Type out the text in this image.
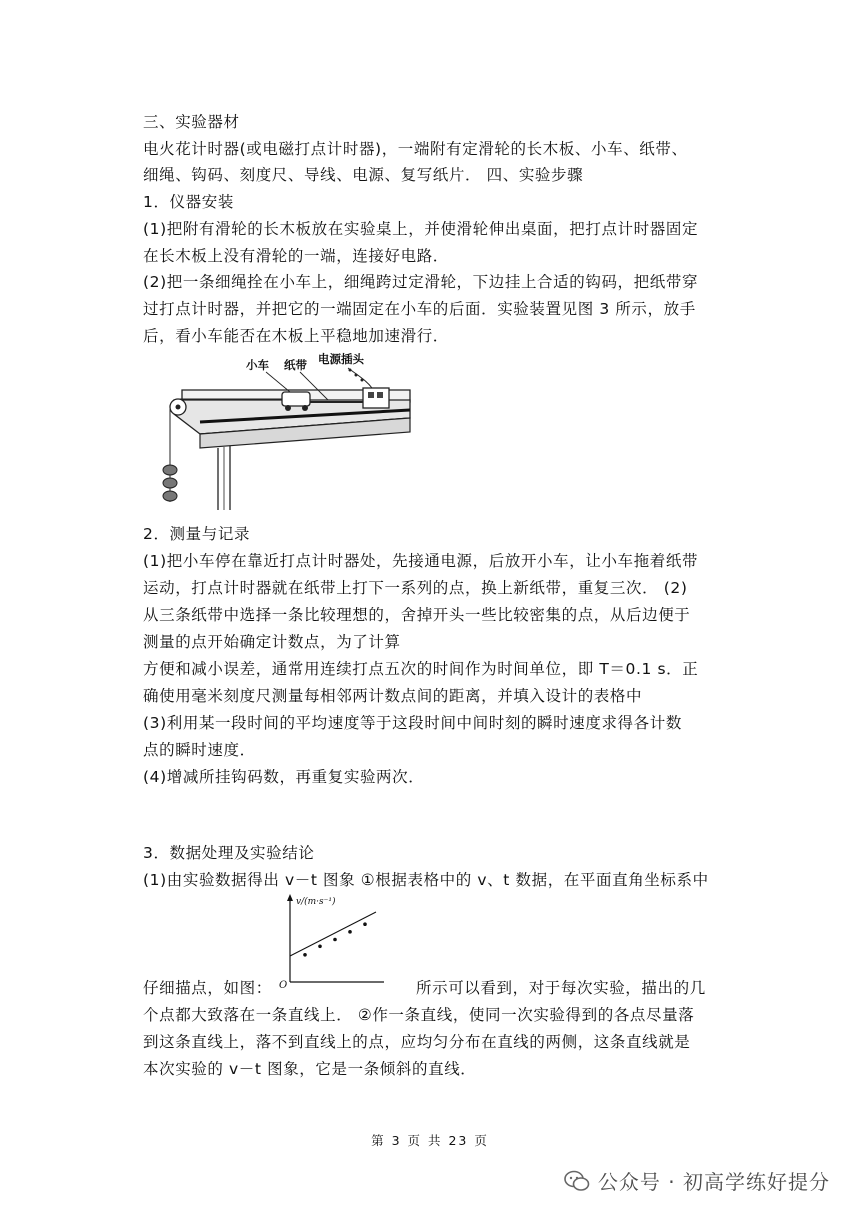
三、实验器材
电火花计时器(或电磁打点计时器)，一端附有定滑轮的长木板、小车、纸带、
细绳、钩码、刻度尺、导线、电源、复写纸片． 四、实验步骤
1．仪器安装
(1)把附有滑轮的长木板放在实验桌上，并使滑轮伸出桌面，把打点计时器固定
在长木板上没有滑轮的一端，连接好电路．
(2)把一条细绳拴在小车上，细绳跨过定滑轮，下边挂上合适的钩码，把纸带穿
过打点计时器，并把它的一端固定在小车的后面．实验装置见图 3 所示，放手
后，看小车能否在木板上平稳地加速滑行．
小车 纸带 电源插头
2．测量与记录
(1)把小车停在靠近打点计时器处，先接通电源，后放开小车，让小车拖着纸带
运动，打点计时器就在纸带上打下一系列的点，换上新纸带，重复三次． (2)
从三条纸带中选择一条比较理想的，舍掉开头一些比较密集的点，从后边便于
测量的点开始确定计数点，为了计算
方便和减小误差，通常用连续打点五次的时间作为时间单位，即 T＝0.1 s．正
确使用毫米刻度尺测量每相邻两计数点间的距离，并填入设计的表格中
(3)利用某一段时间的平均速度等于这段时间中间时刻的瞬时速度求得各计数
点的瞬时速度．
(4)增减所挂钩码数，再重复实验两次．
3．数据处理及实验结论
(1)由实验数据得出 v－t 图象 ①根据表格中的 v、t 数据，在平面直角坐标系中
v/(m·s⁻¹)
O
仔细描点，如图：	所示可以看到，对于每次实验，描出的几
个点都大致落在一条直线上． ②作一条直线，使同一次实验得到的各点尽量落
到这条直线上，落不到直线上的点，应均匀分布在直线的两侧，这条直线就是
本次实验的 v－t 图象，它是一条倾斜的直线．
第 3 页 共 23 页
公众号 · 初高学练好提分
